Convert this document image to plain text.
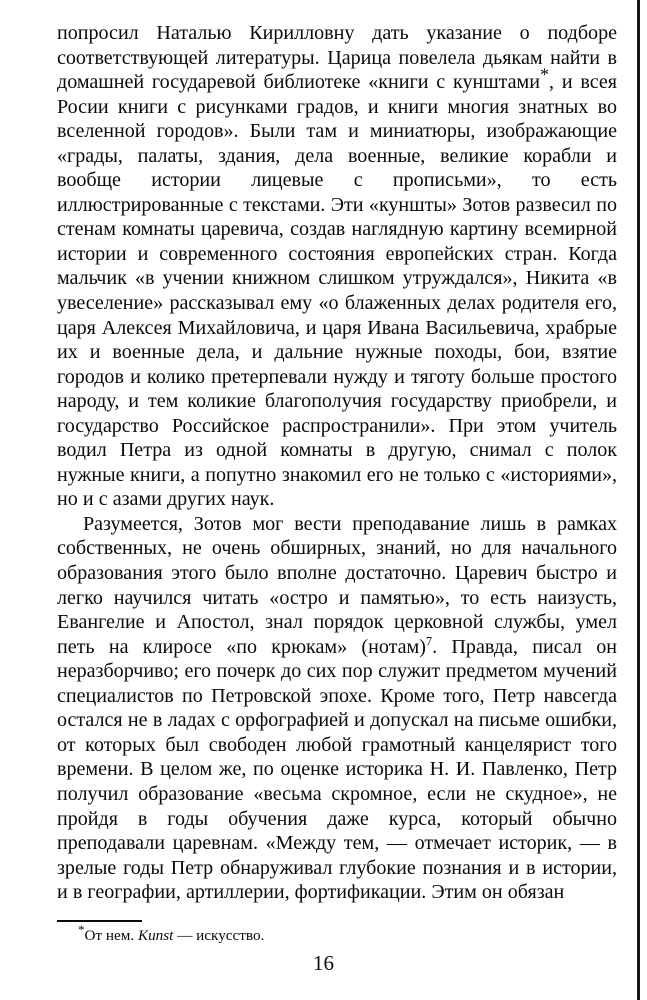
попросил Наталью Кирилловну дать указание о подборе соответствующей литературы. Царица повелела дьякам найти в домашней государевой библиотеке «книги с кунштами*, и всея Росии книги с рисунками градов, и книги многия знатных во вселенной городов». Были там и миниатюры, изображающие «грады, палаты, здания, дела военные, великие корабли и вообще истории лицевые с прописьми», то есть иллюстрированные с текстами. Эти «куншты» Зотов развесил по стенам комнаты царевича, создав наглядную картину всемирной истории и современного состояния европейских стран. Когда мальчик «в учении книжном слишком утруждался», Никита «в увеселение» рассказывал ему «о блаженных делах родителя его, царя Алексея Михайловича, и царя Ивана Васильевича, храбрые их и военные дела, и дальние нужные походы, бои, взятие городов и колико претерпевали нужду и тяготу больше простого народу, и тем коликие благополучия государству приобрели, и государство Российское распространили». При этом учитель водил Петра из одной комнаты в другую, снимал с полок нужные книги, а попутно знакомил его не только с «историями», но и с азами других наук.

Разумеется, Зотов мог вести преподавание лишь в рамках собственных, не очень обширных, знаний, но для начального образования этого было вполне достаточно. Царевич быстро и легко научился читать «остро и памятью», то есть наизусть, Евангелие и Апостол, знал порядок церковной службы, умел петь на клиросе «по крюкам» (нотам)$^7$. Правда, писал он неразборчиво; его почерк до сих пор служит предметом мучений специалистов по Петровской эпохе. Кроме того, Петр навсегда остался не в ладах с орфографией и допускал на письме ошибки, от которых был свободен любой грамотный канцелярист того времени. В целом же, по оценке историка Н. И. Павленко, Петр получил образование «весьма скромное, если не скудное», не пройдя в годы обучения даже курса, который обычно преподавали царевнам. «Между тем, — отмечает историк, — в зрелые годы Петр обнаруживал глубокие познания и в истории, и в географии, артиллерии, фортификации. Этим он обязан

*От нем. Kunst — искусство.

16
